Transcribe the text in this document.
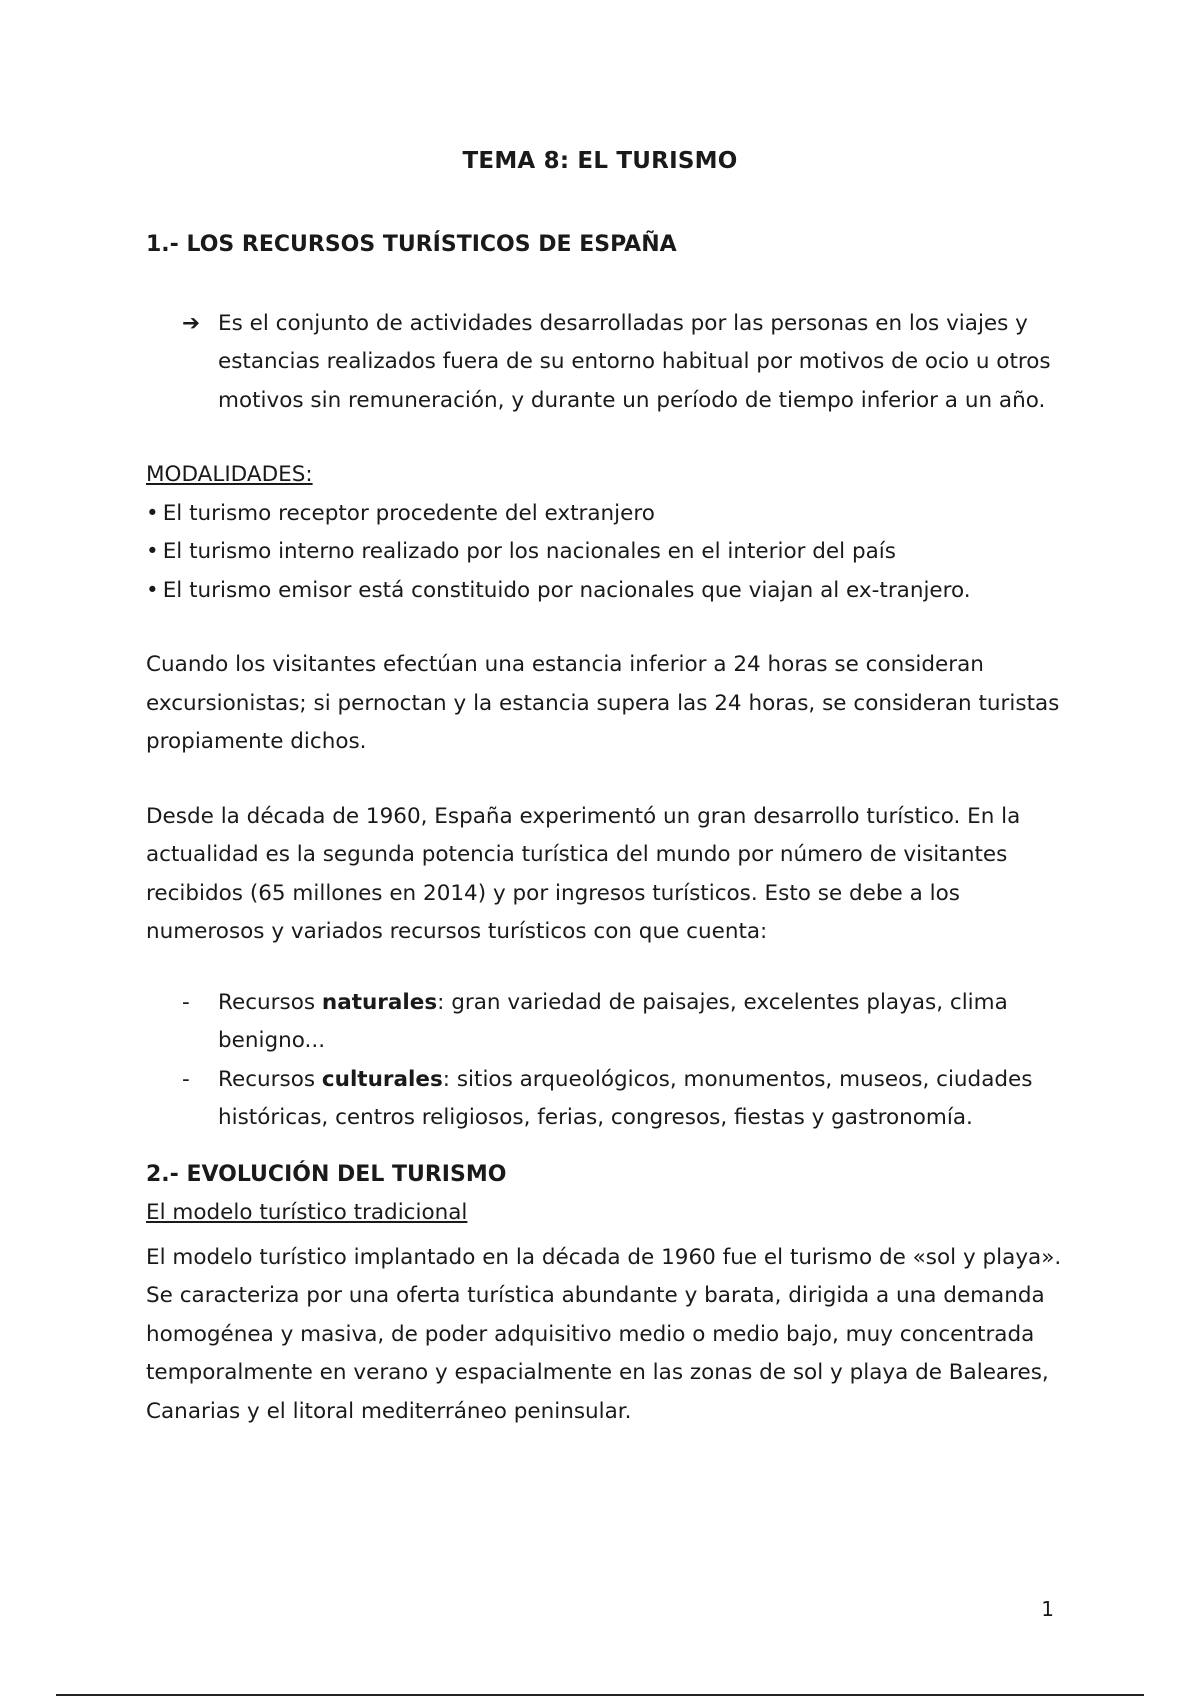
TEMA 8: EL TURISMO
1.- LOS RECURSOS TURÍSTICOS DE ESPAÑA
➔ Es el conjunto de actividades desarrolladas por las personas en los viajes y estancias realizados fuera de su entorno habitual por motivos de ocio u otros motivos sin remuneración, y durante un período de tiempo inferior a un año.
MODALIDADES:
• El turismo receptor procedente del extranjero
• El turismo interno realizado por los nacionales en el interior del país
• El turismo emisor está constituido por nacionales que viajan al ex-tranjero.

Cuando los visitantes efectúan una estancia inferior a 24 horas se consideran excursionistas; si pernoctan y la estancia supera las 24 horas, se consideran turistas propiamente dichos.

Desde la década de 1960, España experimentó un gran desarrollo turístico. En la actualidad es la segunda potencia turística del mundo por número de visitantes recibidos (65 millones en 2014) y por ingresos turísticos. Esto se debe a los numerosos y variados recursos turísticos con que cuenta:

- Recursos naturales: gran variedad de paisajes, excelentes playas, clima benigno...
- Recursos culturales: sitios arqueológicos, monumentos, museos, ciudades históricas, centros religiosos, ferias, congresos, fiestas y gastronomía.
2.- EVOLUCIÓN DEL TURISMO
El modelo turístico tradicional

El modelo turístico implantado en la década de 1960 fue el turismo de «sol y playa». Se caracteriza por una oferta turística abundante y barata, dirigida a una demanda

homogénea y masiva, de poder adquisitivo medio o medio bajo, muy concentrada temporalmente en verano y espacialmente en las zonas de sol y playa de Baleares, Canarias y el litoral mediterráneo peninsular.

1
